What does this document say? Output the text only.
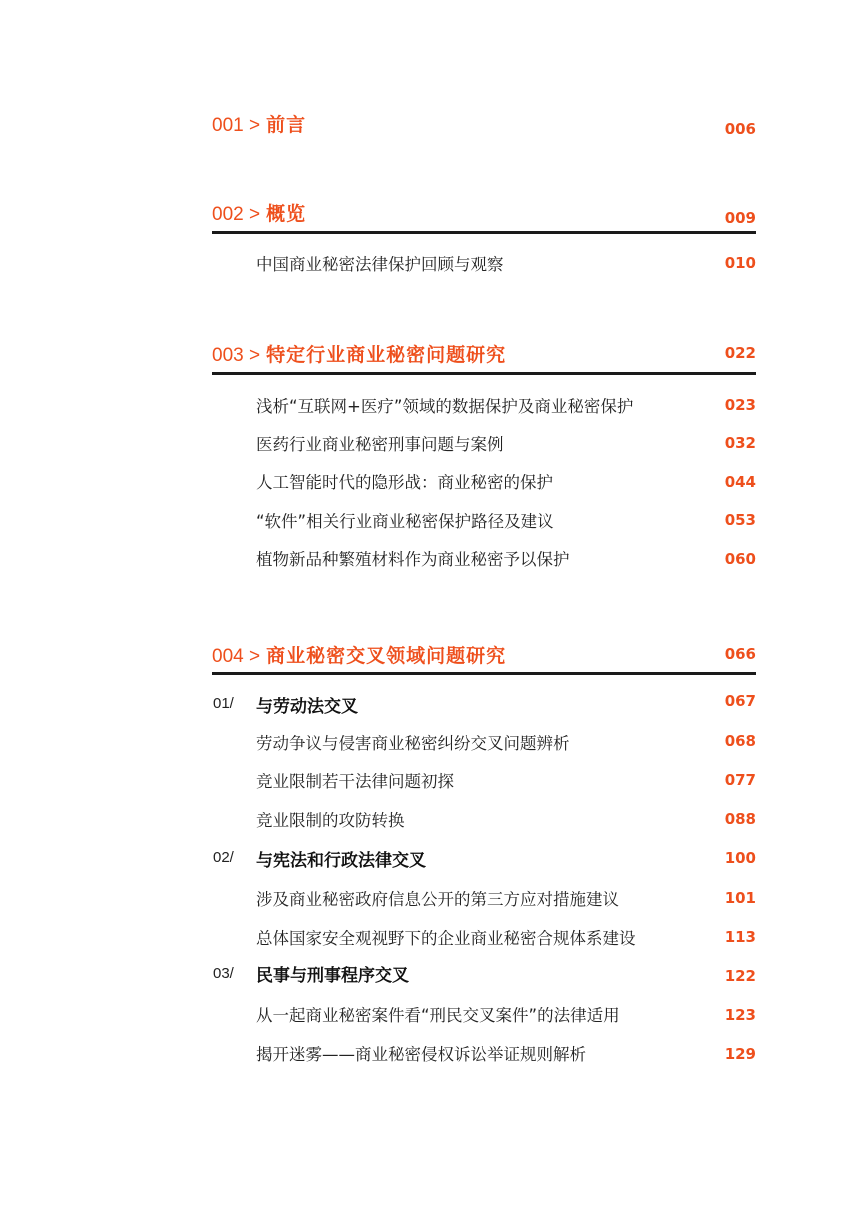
001 > 前言	006
002 > 概览	009
中国商业秘密法律保护回顾与观察	010
003 > 特定行业商业秘密问题研究	022
浅析“互联网+医疗”领域的数据保护及商业秘密保护	023
医药行业商业秘密刑事问题与案例	032
人工智能时代的隐形战：商业秘密的保护	044
“软件”相关行业商业秘密保护路径及建议	053
植物新品种繁殖材料作为商业秘密予以保护	060
004 > 商业秘密交叉领域问题研究	066
01/ 与劳动法交叉	067
劳动争议与侵害商业秘密纠纷交叉问题辨析	068
竞业限制若干法律问题初探	077
竞业限制的攻防转换	088
02/ 与宪法和行政法律交叉	100
涉及商业秘密政府信息公开的第三方应对措施建议	101
总体国家安全观视野下的企业商业秘密合规体系建设	113
03/ 民事与刑事程序交叉	122
从一起商业秘密案件看“刑民交叉案件”的法律适用	123
揭开迷雾——商业秘密侵权诉讼举证规则解析	129
